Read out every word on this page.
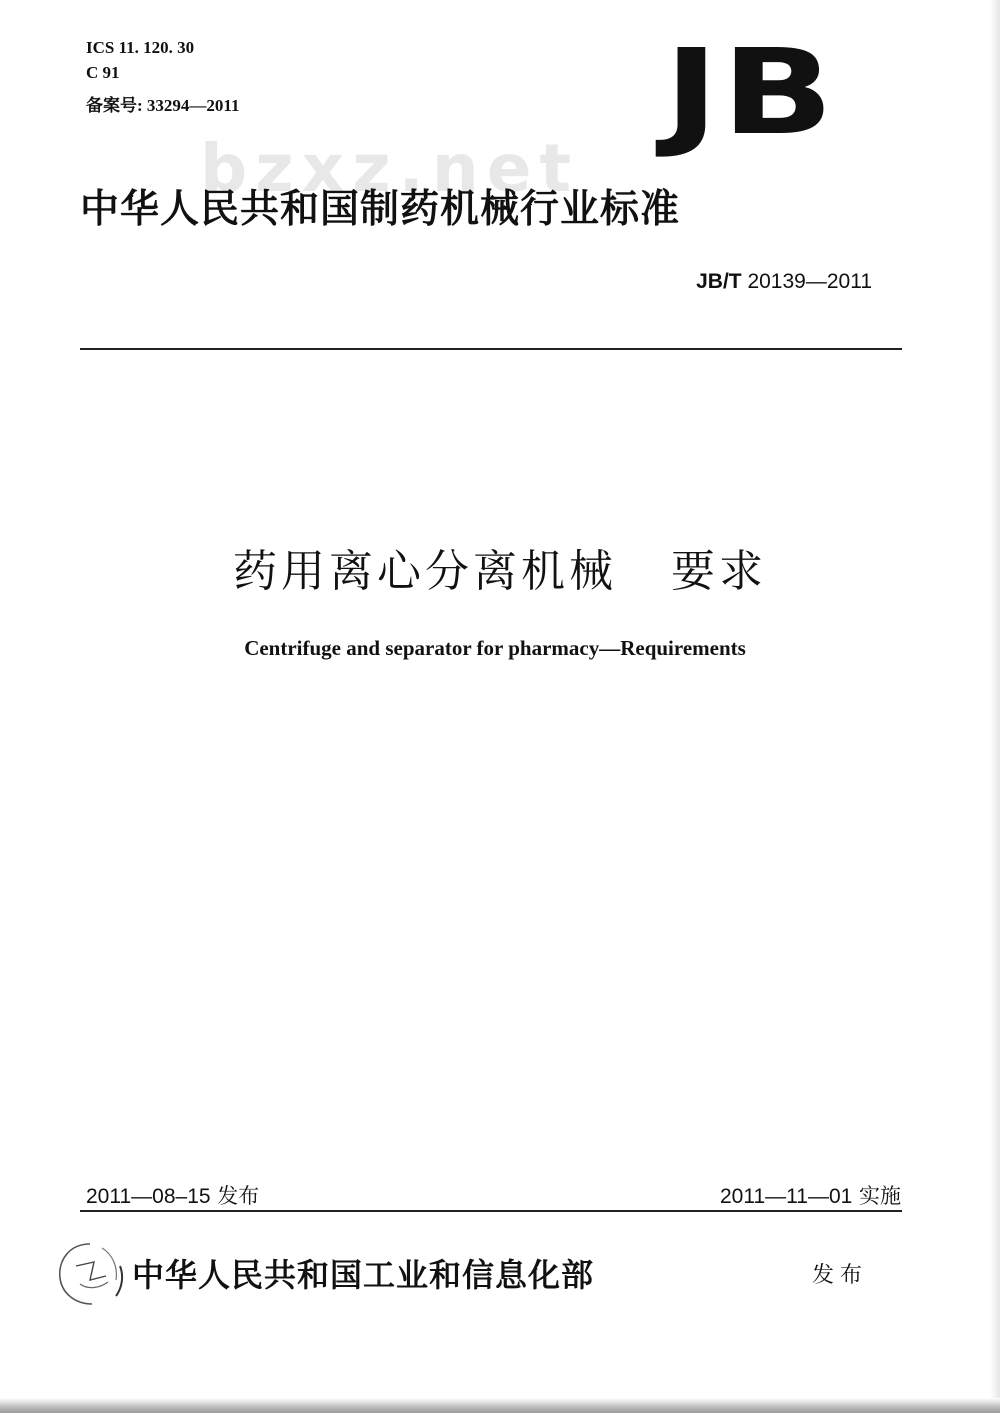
ICS 11. 120. 30

C 91

备案号: 33294—2011	JB
bzxz.net
中华人民共和国制药机械行业标准
JB/T 20139—2011
药用离心分离机械   要求
Centrifuge and separator for pharmacy—Requirements
2011—08–15 发布	2011—11—01 实施
中华人民共和国工业和信息化部	发布
